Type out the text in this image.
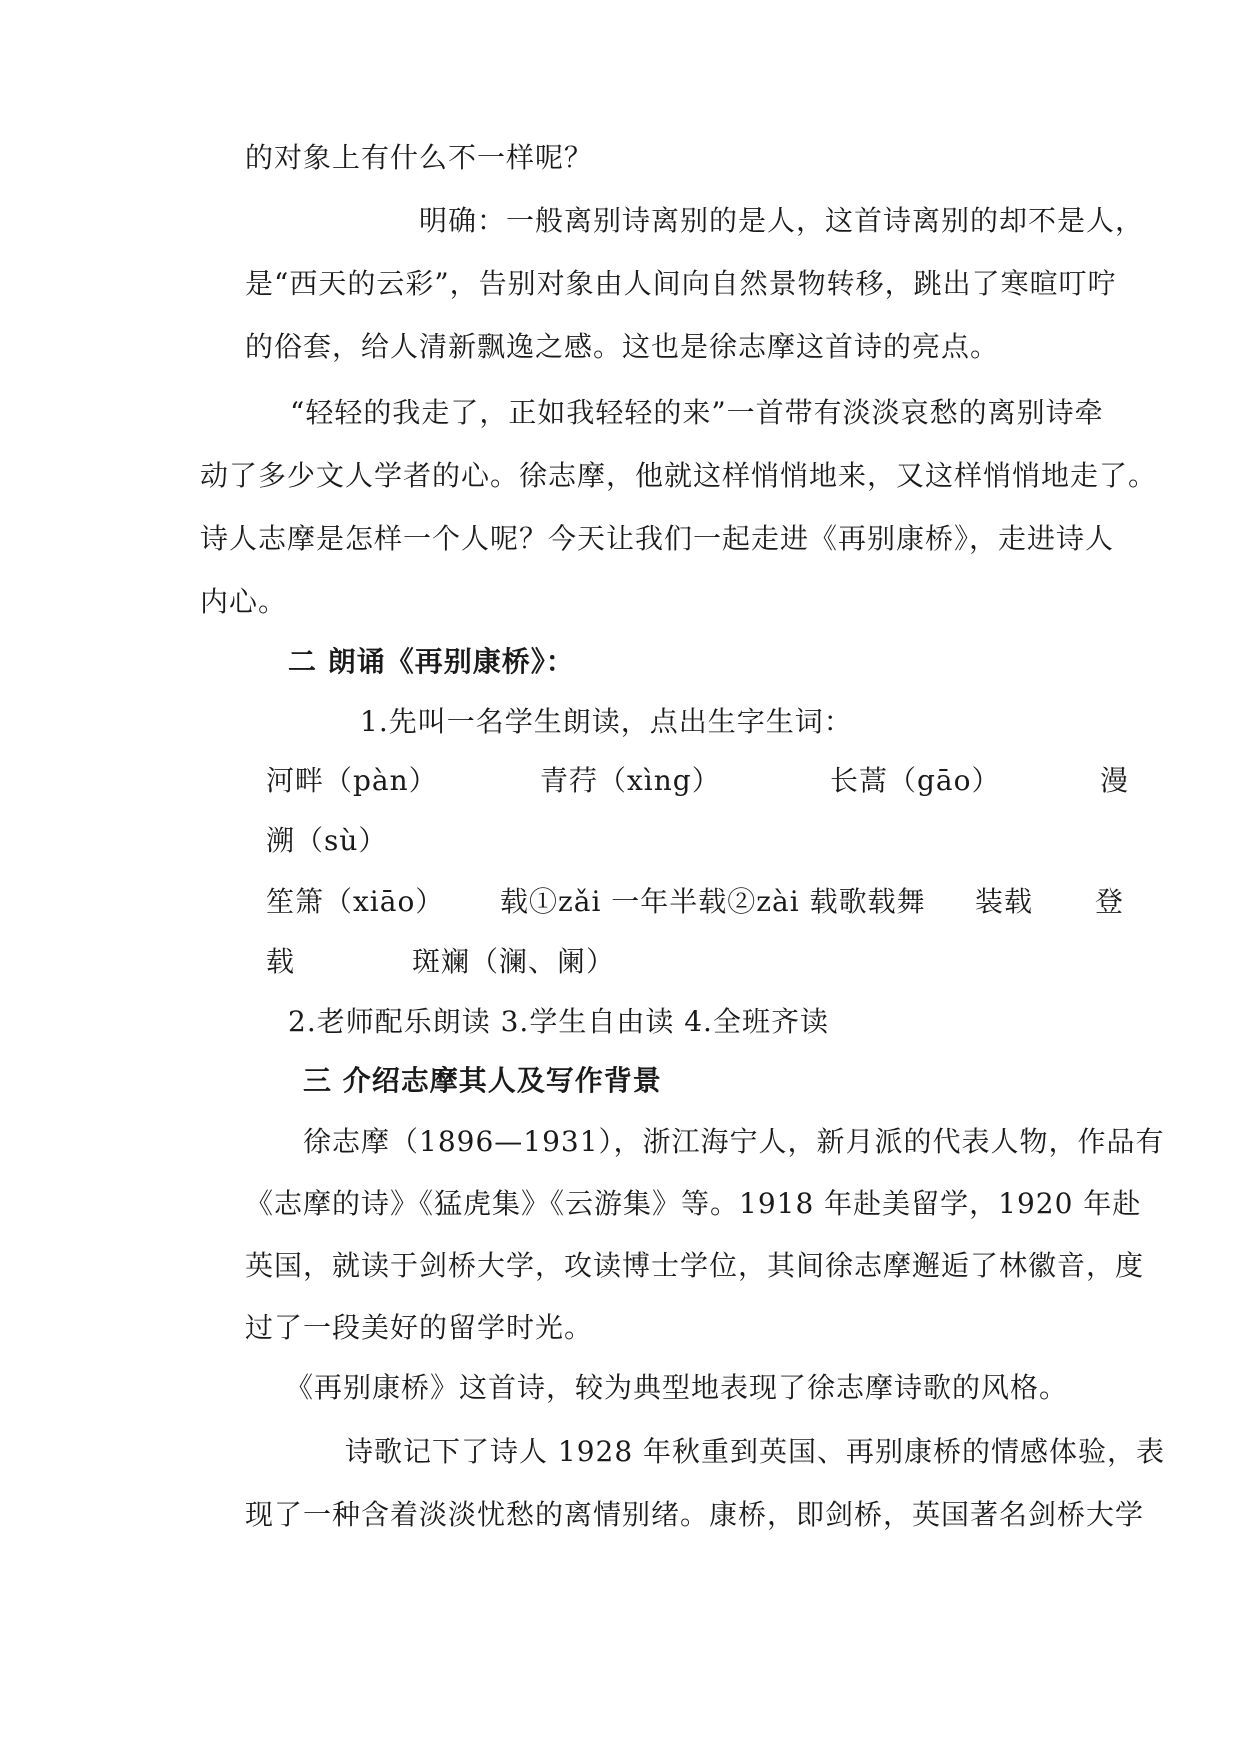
的对象上有什么不一样呢？
明确：一般离别诗离别的是人，这首诗离别的却不是人，
是“西天的云彩”，告别对象由人间向自然景物转移，跳出了寒暄叮咛
的俗套，给人清新飘逸之感。这也是徐志摩这首诗的亮点。
“轻轻的我走了，正如我轻轻的来”一首带有淡淡哀愁的离别诗牵
动了多少文人学者的心。徐志摩，他就这样悄悄地来，又这样悄悄地走了。
诗人志摩是怎样一个人呢？今天让我们一起走进《再别康桥》，走进诗人
内心。
二 朗诵《再别康桥》：
1.先叫一名学生朗读，点出生字生词：
河畔（pàn）	青荇（xìng）	长蒿（gāo）	漫
溯（sù）
笙箫（xiāo） 载①zǎi 一年半载②zài 载歌载舞 装载 登
载	斑斓（澜、阑）
2.老师配乐朗读 3.学生自由读 4.全班齐读
三 介绍志摩其人及写作背景
徐志摩（1896—1931），浙江海宁人，新月派的代表人物，作品有
《志摩的诗》《猛虎集》《云游集》等。1918 年赴美留学，1920 年赴
英国，就读于剑桥大学，攻读博士学位，其间徐志摩邂逅了林徽音，度
过了一段美好的留学时光。
《再别康桥》这首诗，较为典型地表现了徐志摩诗歌的风格。
诗歌记下了诗人 1928 年秋重到英国、再别康桥的情感体验，表
现了一种含着淡淡忧愁的离情别绪。康桥，即剑桥，英国著名剑桥大学
